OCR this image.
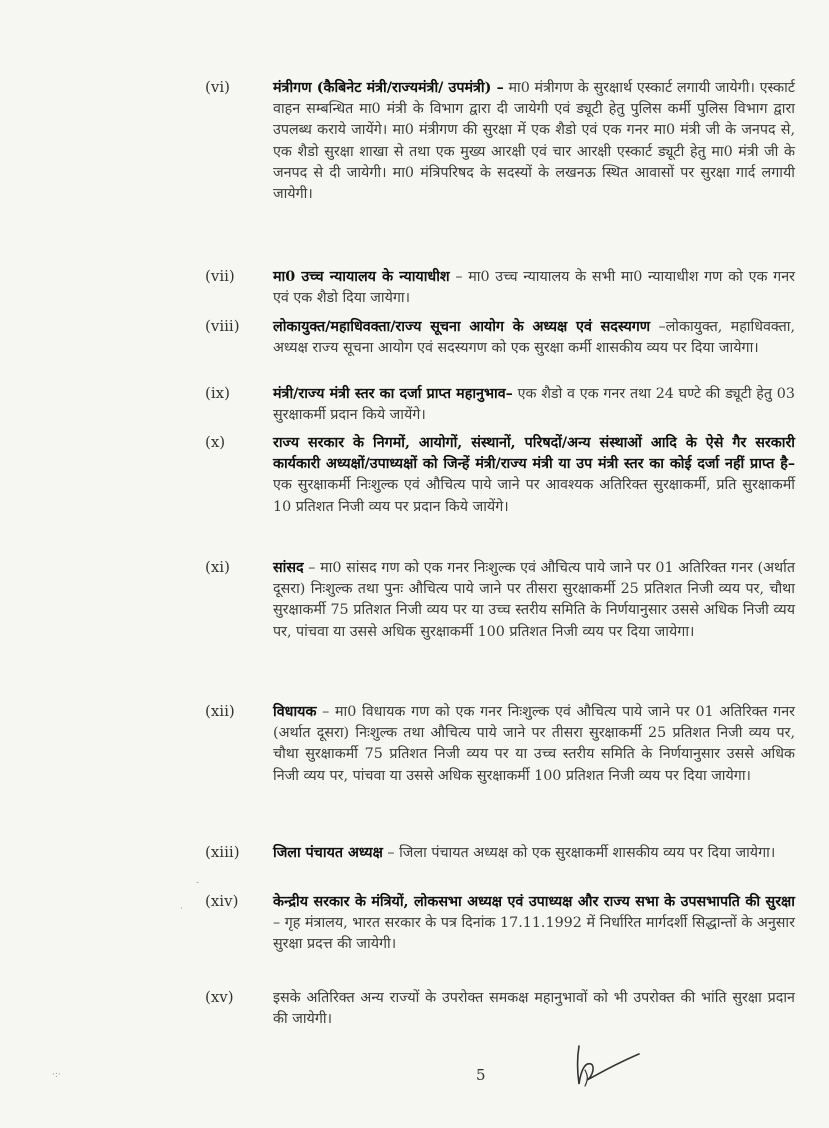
(vi)	मंत्रीगण (कैबिनेट मंत्री/राज्यमंत्री/ उपमंत्री) – मा0 मंत्रीगण के सुरक्षार्थ एस्कार्ट लगायी जायेगी। एस्कार्ट वाहन सम्बन्धित मा0 मंत्री के विभाग द्वारा दी जायेगी एवं ड्यूटी हेतु पुलिस कर्मी पुलिस विभाग द्वारा उपलब्ध कराये जायेंगे। मा0 मंत्रीगण की सुरक्षा में एक शैडो एवं एक गनर मा0 मंत्री जी के जनपद से, एक शैडो सुरक्षा शाखा से तथा एक मुख्य आरक्षी एवं चार आरक्षी एस्कार्ट ड्यूटी हेतु मा0 मंत्री जी के जनपद से दी जायेगी। मा0 मंत्रिपरिषद के सदस्यों के लखनऊ स्थित आवासों पर सुरक्षा गार्द लगायी जायेगी।
(vii)	मा0 उच्च न्यायालय के न्यायाधीश – मा0 उच्च न्यायालय के सभी मा0 न्यायाधीश गण को एक गनर एवं एक शैडो दिया जायेगा।
(viii)	लोकायुक्त/महाधिवक्ता/राज्य सूचना आयोग के अध्यक्ष एवं सदस्यगण –लोकायुक्त, महाधिवक्ता, अध्यक्ष राज्य सूचना आयोग एवं सदस्यगण को एक सुरक्षा कर्मी शासकीय व्यय पर दिया जायेगा।
(ix)	मंत्री/राज्य मंत्री स्तर का दर्जा प्राप्त महानुभाव– एक शैडो व एक गनर तथा 24 घण्टे की ड्यूटी हेतु 03 सुरक्षाकर्मी प्रदान किये जायेंगे।
(x)	राज्य सरकार के निगमों, आयोगों, संस्थानों, परिषदों/अन्य संस्थाओं आदि के ऐसे गैर सरकारी कार्यकारी अध्यक्षों/उपाध्यक्षों को जिन्हें मंत्री/राज्य मंत्री या उप मंत्री स्तर का कोई दर्जा नहीं प्राप्त है– एक सुरक्षाकर्मी निःशुल्क एवं औचित्य पाये जाने पर आवश्यक अतिरिक्त सुरक्षाकर्मी, प्रति सुरक्षाकर्मी 10 प्रतिशत निजी व्यय पर प्रदान किये जायेंगे।
(xi)	सांसद – मा0 सांसद गण को एक गनर निःशुल्क एवं औचित्य पाये जाने पर 01 अतिरिक्त गनर (अर्थात दूसरा) निःशुल्क तथा पुनः औचित्य पाये जाने पर तीसरा सुरक्षाकर्मी 25 प्रतिशत निजी व्यय पर, चौथा सुरक्षाकर्मी 75 प्रतिशत निजी व्यय पर या उच्च स्तरीय समिति के निर्णयानुसार उससे अधिक निजी व्यय पर, पांचवा या उससे अधिक सुरक्षाकर्मी 100 प्रतिशत निजी व्यय पर दिया जायेगा।
(xii)	विधायक – मा0 विधायक गण को एक गनर निःशुल्क एवं औचित्य पाये जाने पर 01 अतिरिक्त गनर (अर्थात दूसरा) निःशुल्क तथा औचित्य पाये जाने पर तीसरा सुरक्षाकर्मी 25 प्रतिशत निजी व्यय पर, चौथा सुरक्षाकर्मी 75 प्रतिशत निजी व्यय पर या उच्च स्तरीय समिति के निर्णयानुसार उससे अधिक निजी व्यय पर, पांचवा या उससे अधिक सुरक्षाकर्मी 100 प्रतिशत निजी व्यय पर दिया जायेगा।
(xiii)	जिला पंचायत अध्यक्ष – जिला पंचायत अध्यक्ष को एक सुरक्षाकर्मी शासकीय व्यय पर दिया जायेगा।
(xiv)	केन्द्रीय सरकार के मंत्रियों, लोकसभा अध्यक्ष एवं उपाध्यक्ष और राज्य सभा के उपसभापति की सुरक्षा – गृह मंत्रालय, भारत सरकार के पत्र दिनांक 17.11.1992 में निर्धारित मार्गदर्शी सिद्धान्तों के अनुसार सुरक्षा प्रदत्त की जायेगी।
(xv)	इसके अतिरिक्त अन्य राज्यों के उपरोक्त समकक्ष महानुभावों को भी उपरोक्त की भांति सुरक्षा प्रदान की जायेगी।
5
·:·
-
·
